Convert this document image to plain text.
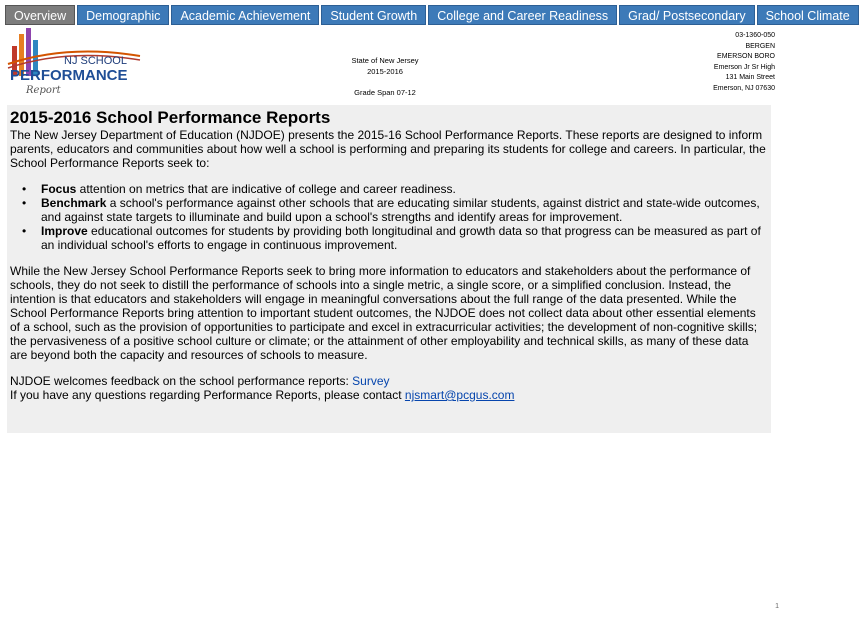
Overview	Demographic	Academic Achievement	Student Growth	College and Career Readiness	Grad/ Postsecondary	School Climate
NJ SCHOOL
PERFORMANCE
Report
State of New Jersey
2015-2016
Grade Span 07-12
03-1360-050
BERGEN
EMERSON BORO
Emerson Jr Sr High
131 Main Street
Emerson, NJ 07630
2015-2016 School Performance Reports

The New Jersey Department of Education (NJDOE) presents the 2015-16 School Performance Reports. These reports are designed to inform parents, educators and communities about how well a school is performing and preparing its students for college and careers. In particular, the School Performance Reports seek to:

• Focus attention on metrics that are indicative of college and career readiness.
• Benchmark a school's performance against other schools that are educating similar students, against district and state-wide outcomes, and against state targets to illuminate and build upon a school's strengths and identify areas for improvement.
• Improve educational outcomes for students by providing both longitudinal and growth data so that progress can be measured as part of an individual school's efforts to engage in continuous improvement.

While the New Jersey School Performance Reports seek to bring more information to educators and stakeholders about the performance of schools, they do not seek to distill the performance of schools into a single metric, a single score, or a simplified conclusion. Instead, the intention is that educators and stakeholders will engage in meaningful conversations about the full range of the data presented. While the School Performance Reports bring attention to important student outcomes, the NJDOE does not collect data about other essential elements of a school, such as the provision of opportunities to participate and excel in extracurricular activities; the development of non-cognitive skills; the pervasiveness of a positive school culture or climate; or the attainment of other employability and technical skills, as many of these data are beyond both the capacity and resources of schools to measure.

NJDOE welcomes feedback on the school performance reports: Survey

If you have any questions regarding Performance Reports, please contact njsmart@pcgus.com

1
